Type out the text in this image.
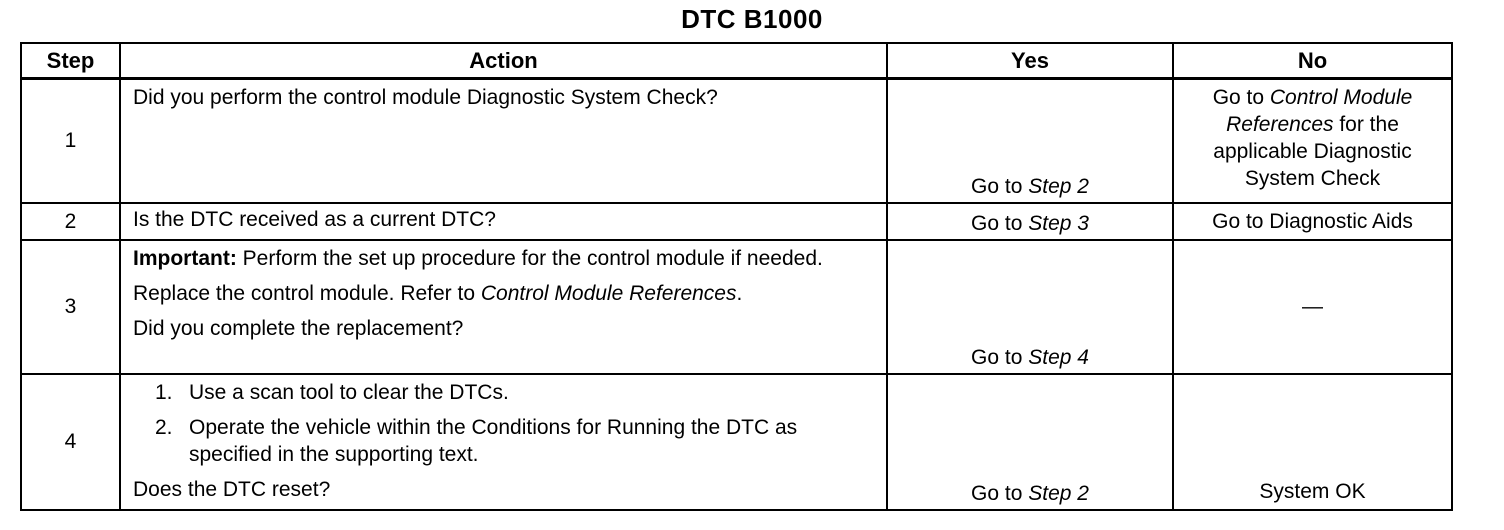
DTC B1000
Step	Action	Yes	No
1	Did you perform the control module Diagnostic System Check?	Go to Step 2	Go to Control Module References for the applicable Diagnostic System Check
2	Is the DTC received as a current DTC?	Go to Step 3	Go to Diagnostic Aids
3	Important: Perform the set up procedure for the control module if needed.

Replace the control module. Refer to Control Module References.

Did you complete the replacement?	Go to Step 4	—
4	1. Use a scan tool to clear the DTCs.
2. Operate the vehicle within the Conditions for Running the DTC as specified in the supporting text.

Does the DTC reset?	Go to Step 2	System OK
